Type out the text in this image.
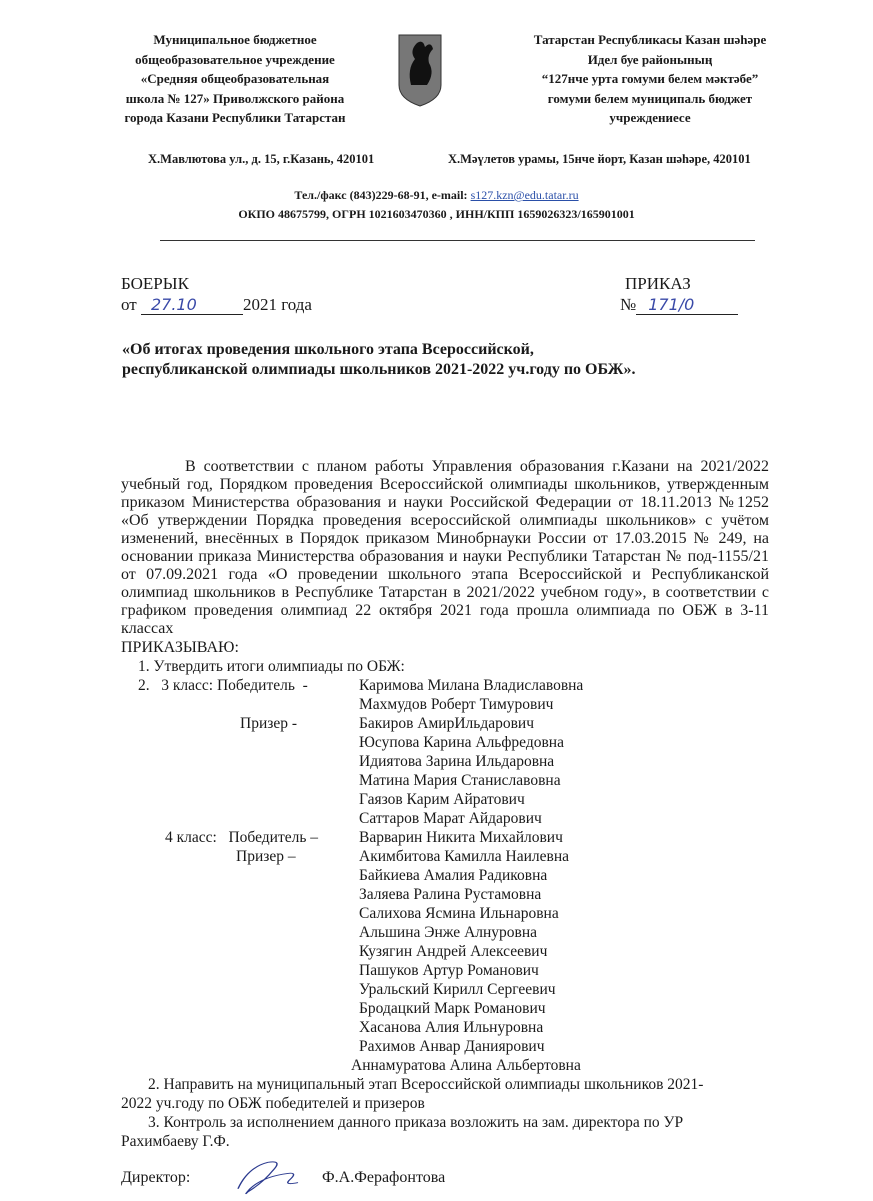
Муниципальное бюджетное
общеобразовательное учреждение
«Средняя общеобразовательная
школа № 127» Приволжского района
города Казани Республики Татарстан
Татарстан Республикасы Казан шәһәре
Идел буе районының
“127нче урта гомуми белем мәктәбе”
гомуми белем муниципаль бюджет
учреждениесе
Х.Мавлютова ул., д. 15, г.Казань, 420101	Х.Мәүлетов урамы, 15нче йорт, Казан шәһәре, 420101
Тел./факс (843)229-68-91, e-mail: s127.kzn@edu.tatar.ru
ОКПО 48675799, ОГРН 1021603470360 , ИНН/КПП 1659026323/165901001
БОЕРЫК
от 27.10	2021 года
ПРИКАЗ
№ 171/0
«Об итогах проведения школьного этапа Всероссийской,
республиканской олимпиады школьников 2021-2022 уч.году по ОБЖ».

В соответствии с планом работы Управления образования г.Казани на 2021/2022 учебный год, Порядком проведения Всероссийской олимпиады школьников, утвержденным приказом Министерства образования и науки Российской Федерации от 18.11.2013 №1252 «Об утверждении Порядка проведения всероссийской олимпиады школьников» с учётом изменений, внесённых в Порядок приказом Минобрнауки России от 17.03.2015 № 249, на основании приказа Министерства образования и науки Республики Татарстан № под-1155/21 от 07.09.2021 года «О проведении школьного этапа Всероссийской и Республиканской олимпиад школьников в Республике Татарстан в 2021/2022 учебном году», в соответствии с графиком проведения олимпиад 22 октября 2021 года прошла олимпиада по ОБЖ в 3-11 классах

ПРИКАЗЫВАЮ:
1. Утвердить итоги олимпиады по ОБЖ:
2.   3 класс: Победитель  -	Каримова Милана Владиславовна
Махмудов Роберт Тимурович
Призер -	Бакиров АмирИльдарович
Юсупова Карина Альфредовна
Идиятова Зарина Ильдаровна
Матина Мария Станиславовна
Гаязов Карим Айратович
Саттаров Марат Айдарович
4 класс:   Победитель –	Варварин Никита Михайлович
Призер –	Акимбитова Камилла Наилевна
Байкиева Амалия Радиковна
Заляева Ралина Рустамовна
Салихова Ясмина Ильнаровна
Альшина Энже Алнуровна
Кузягин Андрей Алексеевич
Пашуков Артур Романович
Уральский Кирилл Сергеевич
Бродацкий Марк Романович
Хасанова Алия Ильнуровна
Рахимов Анвар Даниярович
Аннамуратова Алина Альбертовна
2. Направить на муниципальный этап Всероссийской олимпиады школьников 2021-
2022 уч.году по ОБЖ победителей и призеров
3. Контроль за исполнением данного приказа возложить на зам. директора по УР
Рахимбаеву Г.Ф.
Директор:	Ф.А.Ферафонтова
